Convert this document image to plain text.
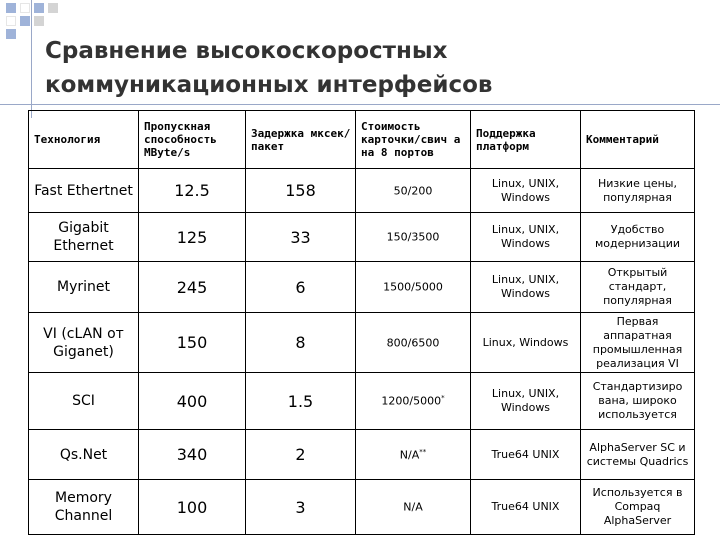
Сравнение высокоскоростных
коммуникационных интерфейсов
Технология	Пропускная способность MByte/s	Задержка мксек/пакет	Стоимость карточки/свич а на 8 портов	Поддержка платформ	Комментарий
Fast Ethertnet	12.5	158	50/200	Linux, UNIX, Windows	Низкие цены, популярная
Gigabit Ethernet	125	33	150/3500	Linux, UNIX, Windows	Удобство модернизации
Myrinet	245	6	1500/5000	Linux, UNIX, Windows	Открытый стандарт, популярная
VI (cLAN от Giganet)	150	8	800/6500	Linux, Windows	Первая аппаратная промышленная реализация VI
SCI	400	1.5	1200/5000*	Linux, UNIX, Windows	Стандартизиро вана, широко используется
Qs.Net	340	2	N/A**	True64 UNIX	AlphaServer SC и системы Quadrics
Memory Channel	100	3	N/A	True64 UNIX	Используется в Compaq AlphaServer
